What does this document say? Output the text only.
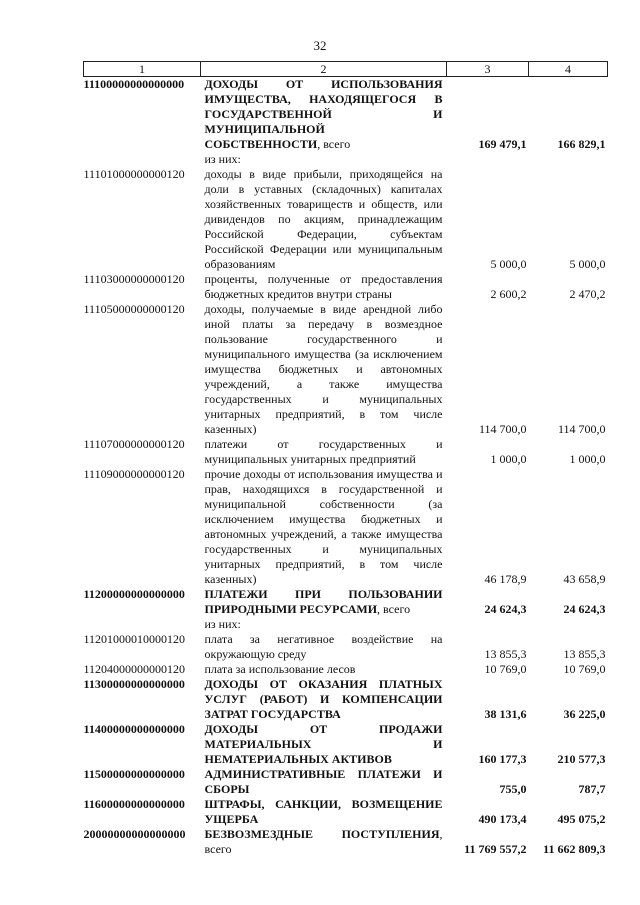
32
1	2	3	4
11100000000000000	ДОХОДЫ ОТ ИСПОЛЬЗОВАНИЯ ИМУЩЕСТВА, НАХОДЯЩЕГОСЯ В ГОСУДАРСТВЕННОЙ И МУНИЦИПАЛЬНОЙ СОБСТВЕННОСТИ, всего	169 479,1	166 829,1
	из них:		
11101000000000120	доходы в виде прибыли, приходящейся на доли в уставных (складочных) капиталах хозяйственных товариществ и обществ, или дивидендов по акциям, принадлежащим Российской Федерации, субъектам Российской Федерации или муниципальным образованиям	5 000,0	5 000,0
11103000000000120	проценты, полученные от предоставления бюджетных кредитов внутри страны	2 600,2	2 470,2
11105000000000120	доходы, получаемые в виде арендной либо иной платы за передачу в возмездное пользование государственного и муниципального имущества (за исключением имущества бюджетных и автономных учреждений, а также имущества государственных и муниципальных унитарных предприятий, в том числе казенных)	114 700,0	114 700,0
11107000000000120	платежи от государственных и муниципальных унитарных предприятий	1 000,0	1 000,0
11109000000000120	прочие доходы от использования имущества и прав, находящихся в государственной и муниципальной собственности (за исключением имущества бюджетных и автономных учреждений, а также имущества государственных и муниципальных унитарных предприятий, в том числе казенных)	46 178,9	43 658,9
11200000000000000	ПЛАТЕЖИ ПРИ ПОЛЬЗОВАНИИ ПРИРОДНЫМИ РЕСУРСАМИ, всего	24 624,3	24 624,3
	из них:		
11201000010000120	плата за негативное воздействие на окружающую среду	13 855,3	13 855,3
11204000000000120	плата за использование лесов	10 769,0	10 769,0
11300000000000000	ДОХОДЫ ОТ ОКАЗАНИЯ ПЛАТНЫХ УСЛУГ (РАБОТ) И КОМПЕНСАЦИИ ЗАТРАТ ГОСУДАРСТВА	38 131,6	36 225,0
11400000000000000	ДОХОДЫ ОТ ПРОДАЖИ МАТЕРИАЛЬНЫХ И НЕМАТЕРИАЛЬНЫХ АКТИВОВ	160 177,3	210 577,3
11500000000000000	АДМИНИСТРАТИВНЫЕ ПЛАТЕЖИ И СБОРЫ	755,0	787,7
11600000000000000	ШТРАФЫ, САНКЦИИ, ВОЗМЕЩЕНИЕ УЩЕРБА	490 173,4	495 075,2
20000000000000000	БЕЗВОЗМЕЗДНЫЕ ПОСТУПЛЕНИЯ, всего	11 769 557,2	11 662 809,3
